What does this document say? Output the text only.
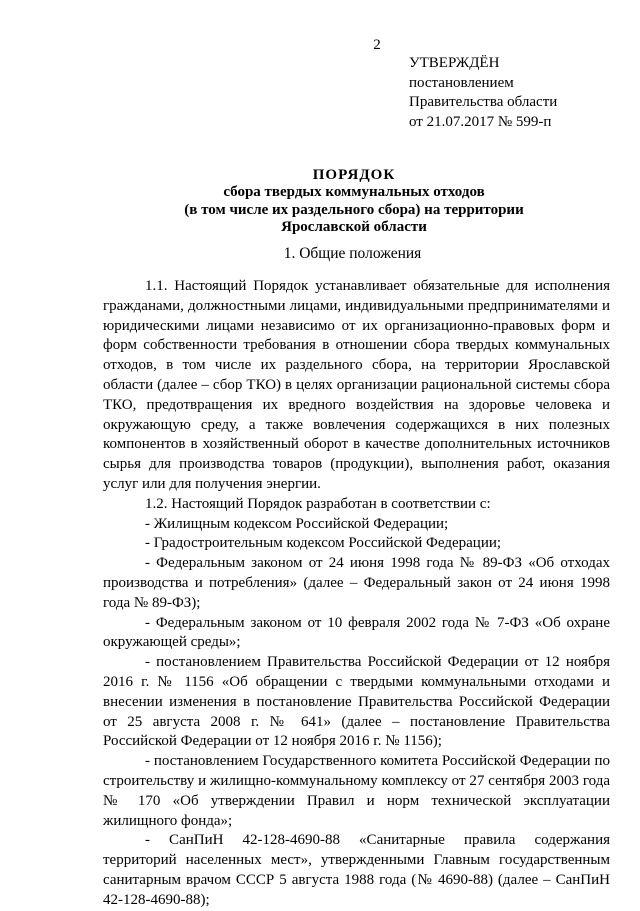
2
УТВЕРЖДЁН
постановлением
Правительства области
от 21.07.2017 № 599-п
ПОРЯДОК
сбора твердых коммунальных отходов
(в том числе их раздельного сбора) на территории
Ярославской области
1. Общие положения

1.1. Настоящий Порядок устанавливает обязательные для исполнения гражданами, должностными лицами, индивидуальными предпринимателями и юридическими лицами независимо от их организационно-правовых форм и форм собственности требования в отношении сбора твердых коммунальных отходов, в том числе их раздельного сбора, на территории Ярославской области (далее – сбор ТКО) в целях организации рациональной системы сбора ТКО, предотвращения их вредного воздействия на здоровье человека и окружающую среду, а также вовлечения содержащихся в них полезных компонентов в хозяйственный оборот в качестве дополнительных источников сырья для производства товаров (продукции), выполнения работ, оказания услуг или для получения энергии.

1.2. Настоящий Порядок разработан в соответствии с:

- Жилищным кодексом Российской Федерации;

- Градостроительным кодексом Российской Федерации;

- Федеральным законом от 24 июня 1998 года № 89-ФЗ «Об отходах производства и потребления» (далее – Федеральный закон от 24 июня 1998 года № 89-ФЗ);

- Федеральным законом от 10 февраля 2002 года № 7-ФЗ «Об охране окружающей среды»;

- постановлением Правительства Российской Федерации от 12 ноября 2016 г. № 1156 «Об обращении с твердыми коммунальными отходами и внесении изменения в постановление Правительства Российской Федерации от 25 августа 2008 г. № 641» (далее – постановление Правительства Российской Федерации от 12 ноября 2016 г. № 1156);

- постановлением Государственного комитета Российской Федерации по строительству и жилищно-коммунальному комплексу от 27 сентября 2003 года № 170 «Об утверждении Правил и норм технической эксплуатации жилищного фонда»;

- СанПиН 42-128-4690-88 «Санитарные правила содержания территорий населенных мест», утвержденными Главным государственным санитарным врачом СССР 5 августа 1988 года (№ 4690-88) (далее – СанПиН 42-128-4690-88);
